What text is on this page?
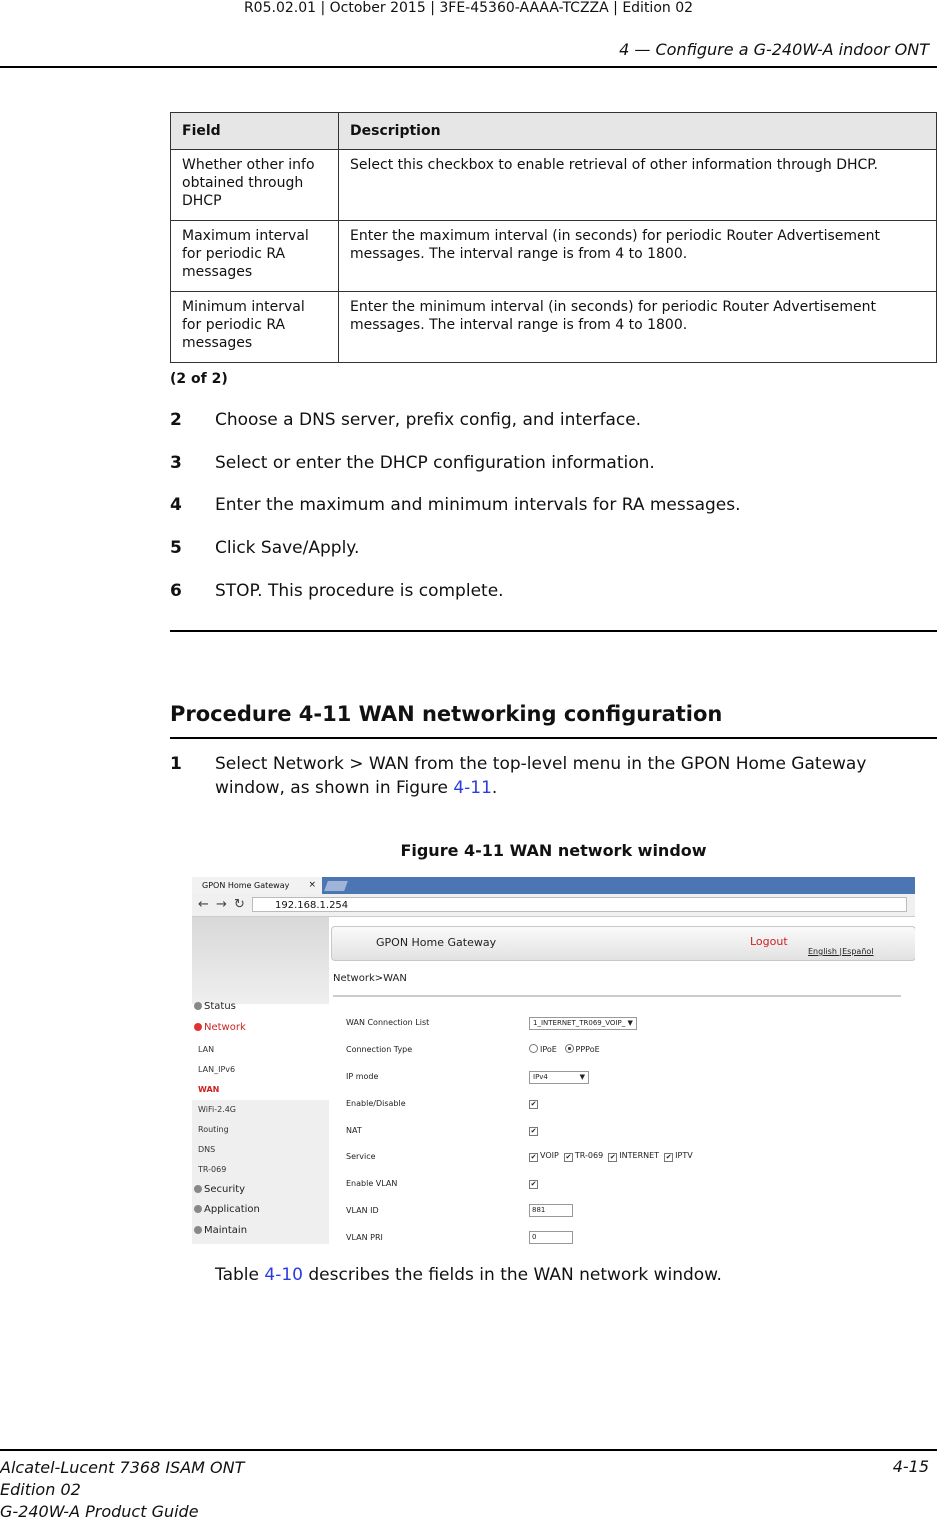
R05.02.01 | October 2015 | 3FE-45360-AAAA-TCZZA | Edition 02
4 — Configure a G-240W-A indoor ONT
Field	Description
Whether other info obtained through DHCP	Select this checkbox to enable retrieval of other information through DHCP.
Maximum interval for periodic RA messages	Enter the maximum interval (in seconds) for periodic Router Advertisement messages. The interval range is from 4 to 1800.
Minimum interval for periodic RA messages	Enter the minimum interval (in seconds) for periodic Router Advertisement messages. The interval range is from 4 to 1800.
(2 of 2)
2	Choose a DNS server, prefix config, and interface.
3	Select or enter the DHCP configuration information.
4	Enter the maximum and minimum intervals for RA messages.
5	Click Save/Apply.
6	STOP. This procedure is complete.
Procedure 4-11 WAN networking configuration
1	Select Network > WAN from the top-level menu in the GPON Home Gateway window, as shown in Figure 4-11.
Figure 4-11 WAN network window
GPON Home Gateway ×
← → ↻	192.168.1.254
GPON Home Gateway	Logout
English |Español
Network>WAN
Status
Network
LAN
LAN_IPv6
WAN
WiFi-2.4G
Routing
DNS
TR-069
Security
Application
Maintain
WAN Connection List	1_INTERNET_TR069_VOIP_ ▼
Connection Type	IPoE PPPoE
IP mode	IPv4	▼
Enable/Disable	✔
NAT	✔
Service	✔ VOIP ✔ TR-069 ✔ INTERNET ✔ IPTV
Enable VLAN	✔
VLAN ID	881
VLAN PRI	0
Table 4-10 describes the fields in the WAN network window.
Alcatel-Lucent 7368 ISAM ONT
Edition 02
G-240W-A Product Guide
4-15
